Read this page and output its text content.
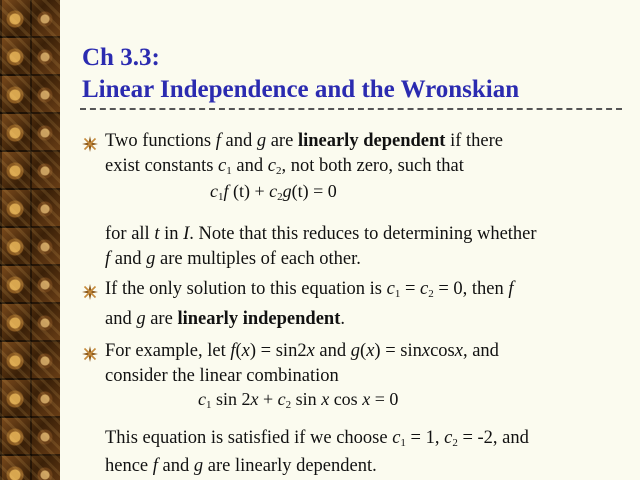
Ch 3.3:
Linear Independence and the Wronskian
Two functions f and g are linearly dependent if there
exist constants $c_1$ and $c_2$, not both zero, such that
$c_1f$ $(t) + c_2g(t) = 0$
for all t in I. Note that this reduces to determining whether
f and g are multiples of each other.
If the only solution to this equation is $c_1 = c_2 = 0$, then f
and g are linearly independent.
For example, let f(x) = sin2x and g(x) = sinxcosx, and
consider the linear combination
$c_1$ $\sin 2x + c_2$ sin x cos x = 0
This equation is satisfied if we choose $c_1 = 1$, $c_2 = -2$, and
hence f and g are linearly dependent.
